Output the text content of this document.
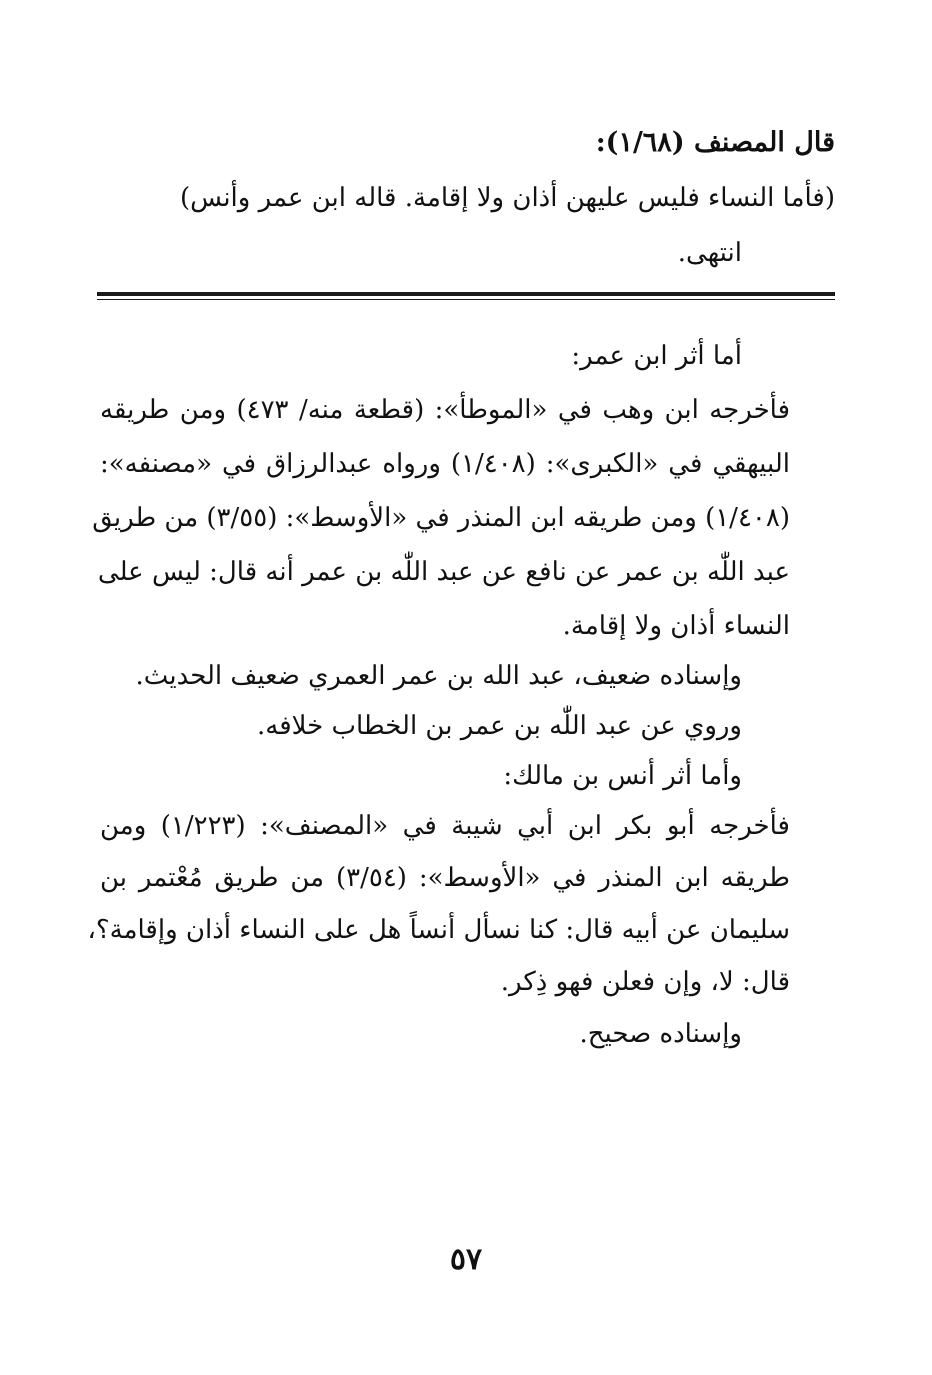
قال المصنف (١/٦٨):
(فأما النساء فليس عليهن أذان ولا إقامة. قاله ابن عمر وأنس)
انتهى.
أما أثر ابن عمر:
فأخرجه ابن وهب في «الموطأ»: (قطعة منه/ ٤٧٣) ومن طريقه
البيهقي في «الكبرى»: (١/٤٠٨) ورواه عبدالرزاق في «مصنفه»:
(١/٤٠٨) ومن طريقه ابن المنذر في «الأوسط»: (٣/٥٥) من طريق
عبد اللّٰه بن عمر عن نافع عن عبد اللّٰه بن عمر أنه قال: ليس على
النساء أذان ولا إقامة.
وإسناده ضعيف، عبد الله بن عمر العمري ضعيف الحديث.
وروي عن عبد اللّٰه بن عمر بن الخطاب خلافه.
وأما أثر أنس بن مالك:
فأخرجه أبو بكر ابن أبي شيبة في «المصنف»: (١/٢٢٣) ومن
طريقه ابن المنذر في «الأوسط»: (٣/٥٤) من طريق مُعْتمر بن
سليمان عن أبيه قال: كنا نسأل أنساً هل على النساء أذان وإقامة؟،
قال: لا، وإن فعلن فهو ذِكر.
وإسناده صحيح.
٥٧
